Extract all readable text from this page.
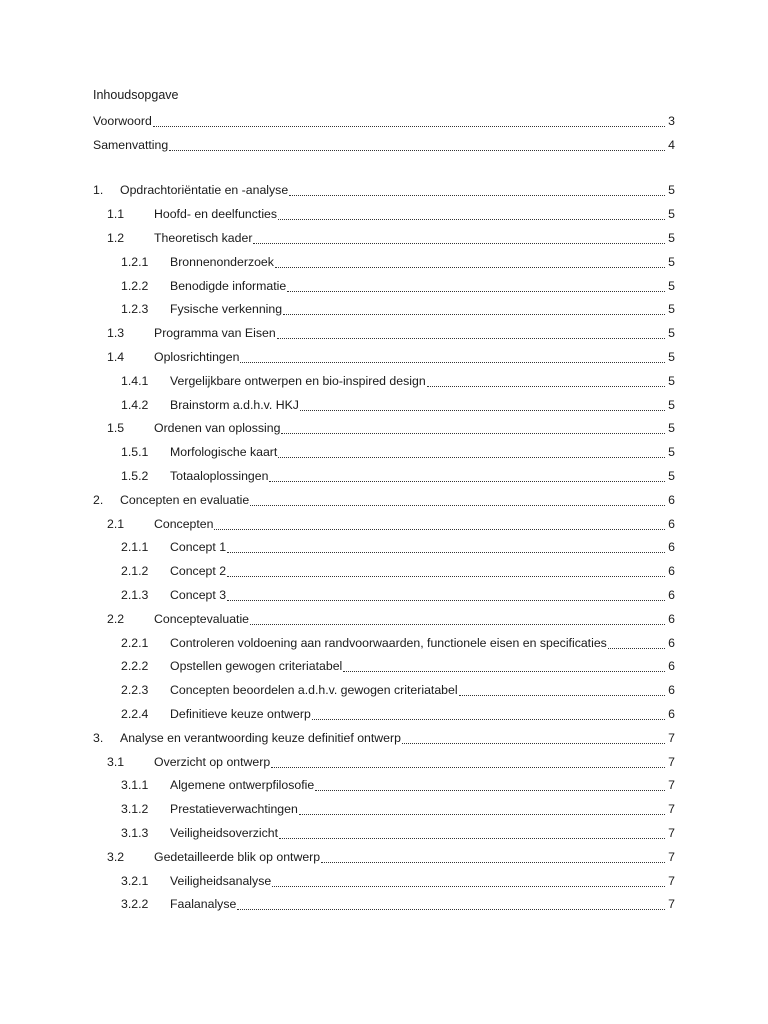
Inhoudsopgave
Voorwoord	3
Samenvatting	4
1.	Opdrachtoriëntatie en -analyse	5
1.1	Hoofd- en deelfuncties	5
1.2	Theoretisch kader	5
1.2.1	Bronnenonderzoek	5
1.2.2	Benodigde informatie	5
1.2.3	Fysische verkenning	5
1.3	Programma van Eisen	5
1.4	Oplosrichtingen	5
1.4.1	Vergelijkbare ontwerpen en bio-inspired design	5
1.4.2	Brainstorm a.d.h.v. HKJ	5
1.5	Ordenen van oplossing	5
1.5.1	Morfologische kaart	5
1.5.2	Totaaloplossingen	5
2.	Concepten en evaluatie	6
2.1	Concepten	6
2.1.1	Concept 1	6
2.1.2	Concept 2	6
2.1.3	Concept 3	6
2.2	Conceptevaluatie	6
2.2.1	Controleren voldoening aan randvoorwaarden, functionele eisen en specificaties	6
2.2.2	Opstellen gewogen criteriatabel	6
2.2.3	Concepten beoordelen a.d.h.v. gewogen criteriatabel	6
2.2.4	Definitieve keuze ontwerp	6
3.	Analyse en verantwoording keuze definitief ontwerp	7
3.1	Overzicht op ontwerp	7
3.1.1	Algemene ontwerpfilosofie	7
3.1.2	Prestatieverwachtingen	7
3.1.3	Veiligheidsoverzicht	7
3.2	Gedetailleerde blik op ontwerp	7
3.2.1	Veiligheidsanalyse	7
3.2.2	Faalanalyse	7
